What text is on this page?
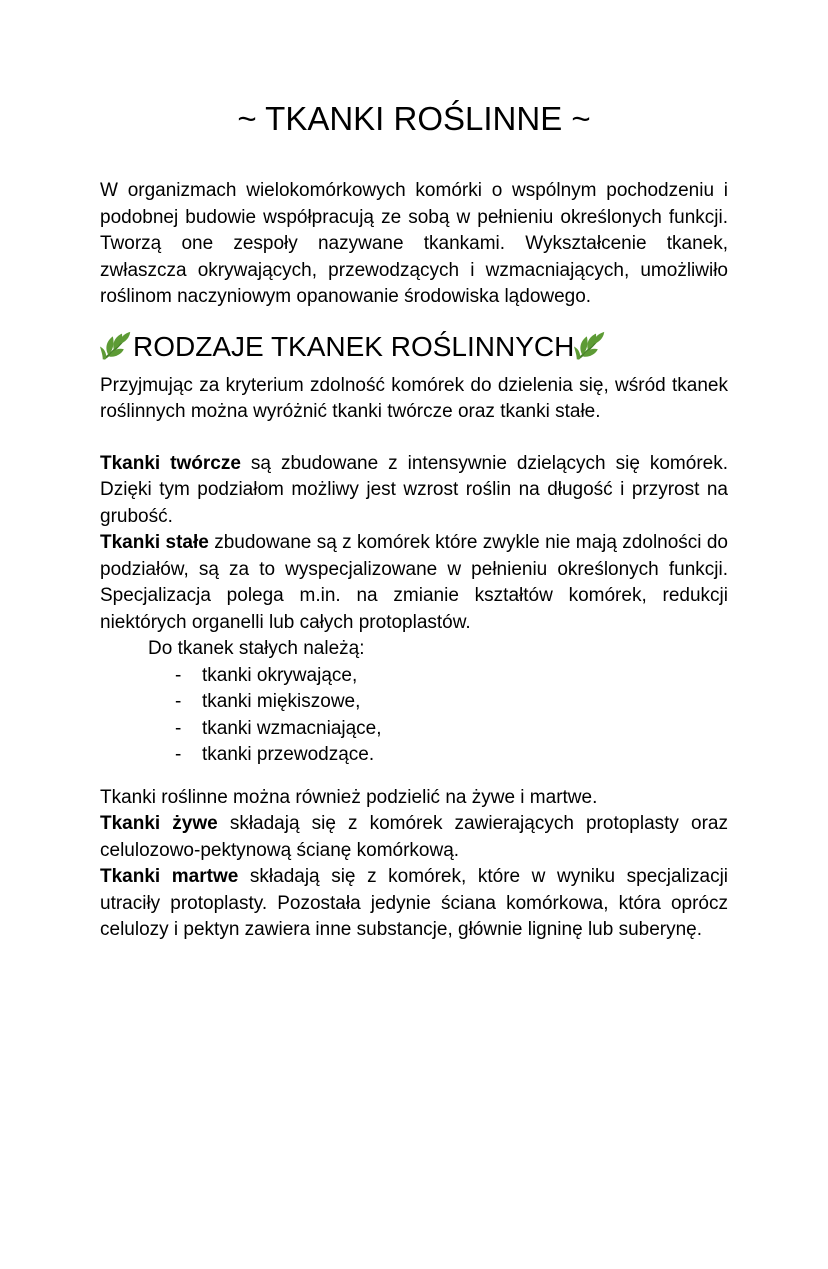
~ TKANKI ROŚLINNE ~

W organizmach wielokomórkowych komórki o wspólnym pochodzeniu i podobnej budowie współpracują ze sobą w pełnieniu określonych funkcji. Tworzą one zespoły nazywane tkankami. Wykształcenie tkanek, zwłaszcza okrywających, przewodzących i wzmacniających, umożliwiło roślinom naczyniowym opanowanie środowiska lądowego.

RODZAJE TKANEK ROŚLINNYCH

Przyjmując za kryterium zdolność komórek do dzielenia się, wśród tkanek roślinnych można wyróżnić tkanki twórcze oraz tkanki stałe.

Tkanki twórcze są zbudowane z intensywnie dzielących się komórek. Dzięki tym podziałom możliwy jest wzrost roślin na długość i przyrost na grubość.

Tkanki stałe zbudowane są z komórek które zwykle nie mają zdolności do podziałów, są za to wyspecjalizowane w pełnieniu określonych funkcji. Specjalizacja polega m.in. na zmianie kształtów komórek, redukcji niektórych organelli lub całych protoplastów.

Do tkanek stałych należą:

-	tkanki okrywające,
-	tkanki miękiszowe,
-	tkanki wzmacniające,
-	tkanki przewodzące.

Tkanki roślinne można również podzielić na żywe i martwe.

Tkanki żywe składają się z komórek zawierających protoplasty oraz celulozowo-pektynową ścianę komórkową.

Tkanki martwe składają się z komórek, które w wyniku specjalizacji utraciły protoplasty. Pozostała jedynie ściana komórkowa, która oprócz celulozy i pektyn zawiera inne substancje, głównie ligninę lub suberynę.
